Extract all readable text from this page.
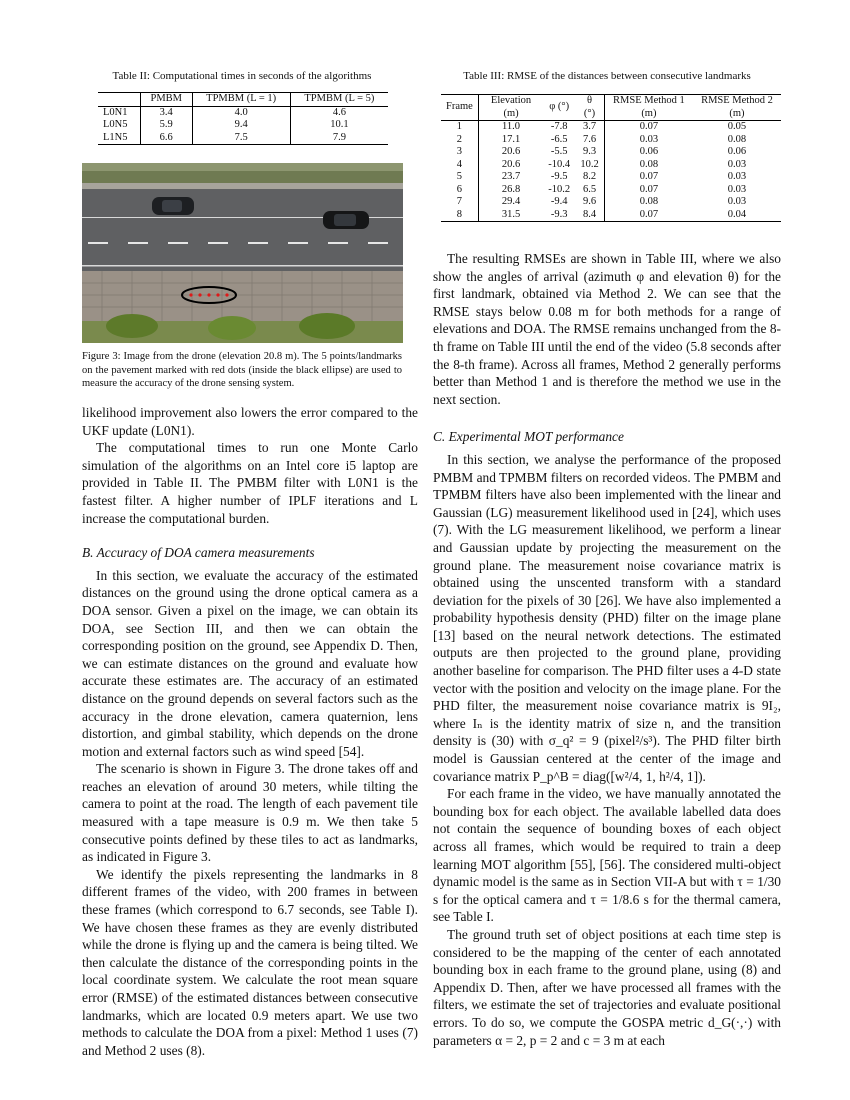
Table II: Computational times in seconds of the algorithms

	PMBM	TPMBM (L = 1)	TPMBM (L = 5)
L0N1	3.4	4.0	4.6
L0N5	5.9	9.4	10.1
L1N5	6.6	7.5	7.9

Figure 3: Image from the drone (elevation 20.8 m). The 5 points/landmarks on the pavement marked with red dots (inside the black ellipse) are used to measure the accuracy of the drone sensing system.

likelihood improvement also lowers the error compared to the UKF update (L0N1).

The computational times to run one Monte Carlo simulation of the algorithms on an Intel core i5 laptop are provided in Table II. The PMBM filter with L0N1 is the fastest filter. A higher number of IPLF iterations and L increase the computational burden.

B. Accuracy of DOA camera measurements

In this section, we evaluate the accuracy of the estimated distances on the ground using the drone optical camera as a DOA sensor. Given a pixel on the image, we can obtain its DOA, see Section III, and then we can obtain the corresponding position on the ground, see Appendix D. Then, we can estimate distances on the ground and evaluate how accurate these estimates are. The accuracy of an estimated distance on the ground depends on several factors such as the accuracy in the drone elevation, camera quaternion, lens distortion, and gimbal stability, which depends on the drone motion and external factors such as wind speed [54].

The scenario is shown in Figure 3. The drone takes off and reaches an elevation of around 30 meters, while tilting the camera to point at the road. The length of each pavement tile measured with a tape measure is 0.9 m. We then take 5 consecutive points defined by these tiles to act as landmarks, as indicated in Figure 3.

We identify the pixels representing the landmarks in 8 different frames of the video, with 200 frames in between these frames (which correspond to 6.7 seconds, see Table I). We have chosen these frames as they are evenly distributed while the drone is flying up and the camera is being tilted. We then calculate the distance of the corresponding points in the local coordinate system. We calculate the root mean square error (RMSE) of the estimated distances between consecutive landmarks, which are located 0.9 meters apart. We use two methods to calculate the DOA from a pixel: Method 1 uses (7) and Method 2 uses (8).

Table III: RMSE of the distances between consecutive landmarks

Frame	Elevation (m)	φ (°)	θ (°)	RMSE Method 1 (m)	RMSE Method 2 (m)
1	11.0	-7.8	3.7	0.07	0.05
2	17.1	-6.5	7.6	0.03	0.08
3	20.6	-5.5	9.3	0.06	0.06
4	20.6	-10.4	10.2	0.08	0.03
5	23.7	-9.5	8.2	0.07	0.03
6	26.8	-10.2	6.5	0.07	0.03
7	29.4	-9.4	9.6	0.08	0.03
8	31.5	-9.3	8.4	0.07	0.04

The resulting RMSEs are shown in Table III, where we also show the angles of arrival (azimuth φ and elevation θ) for the first landmark, obtained via Method 2. We can see that the RMSE stays below 0.08 m for both methods for a range of elevations and DOA. The RMSE remains unchanged from the 8-th frame on Table III until the end of the video (5.8 seconds after the 8-th frame). Across all frames, Method 2 generally performs better than Method 1 and is therefore the method we use in the next section.

C. Experimental MOT performance

In this section, we analyse the performance of the proposed PMBM and TPMBM filters on recorded videos. The PMBM and TPMBM filters have also been implemented with the linear and Gaussian (LG) measurement likelihood used in [24], which uses (7). With the LG measurement likelihood, we perform a linear and Gaussian update by projecting the measurement on the ground plane. The measurement noise covariance matrix is obtained using the unscented transform with a standard deviation for the pixels of 30 [26]. We have also implemented a probability hypothesis density (PHD) filter on the image plane [13] based on the neural network detections. The estimated outputs are then projected to the ground plane, providing another baseline for comparison. The PHD filter uses a 4-D state vector with the position and velocity on the image plane. For the PHD filter, the measurement noise covariance matrix is 9I₂, where Iₙ is the identity matrix of size n, and the transition density is (30) with σ_q² = 9 (pixel²/s³). The PHD filter birth model is Gaussian centered at the center of the image and covariance matrix P_p^B = diag([w²/4, 1, h²/4, 1]).

For each frame in the video, we have manually annotated the bounding box for each object. The available labelled data does not contain the sequence of bounding boxes of each object across all frames, which would be required to train a deep learning MOT algorithm [55], [56]. The considered multi-object dynamic model is the same as in Section VII-A but with τ = 1/30 s for the optical camera and τ = 1/8.6 s for the thermal camera, see Table I.

The ground truth set of object positions at each time step is considered to be the mapping of the center of each annotated bounding box in each frame to the ground plane, using (8) and Appendix D. Then, after we have processed all frames with the filters, we estimate the set of trajectories and evaluate positional errors. To do so, we compute the GOSPA metric d_G(·,·) with parameters α = 2, p = 2 and c = 3 m at each
